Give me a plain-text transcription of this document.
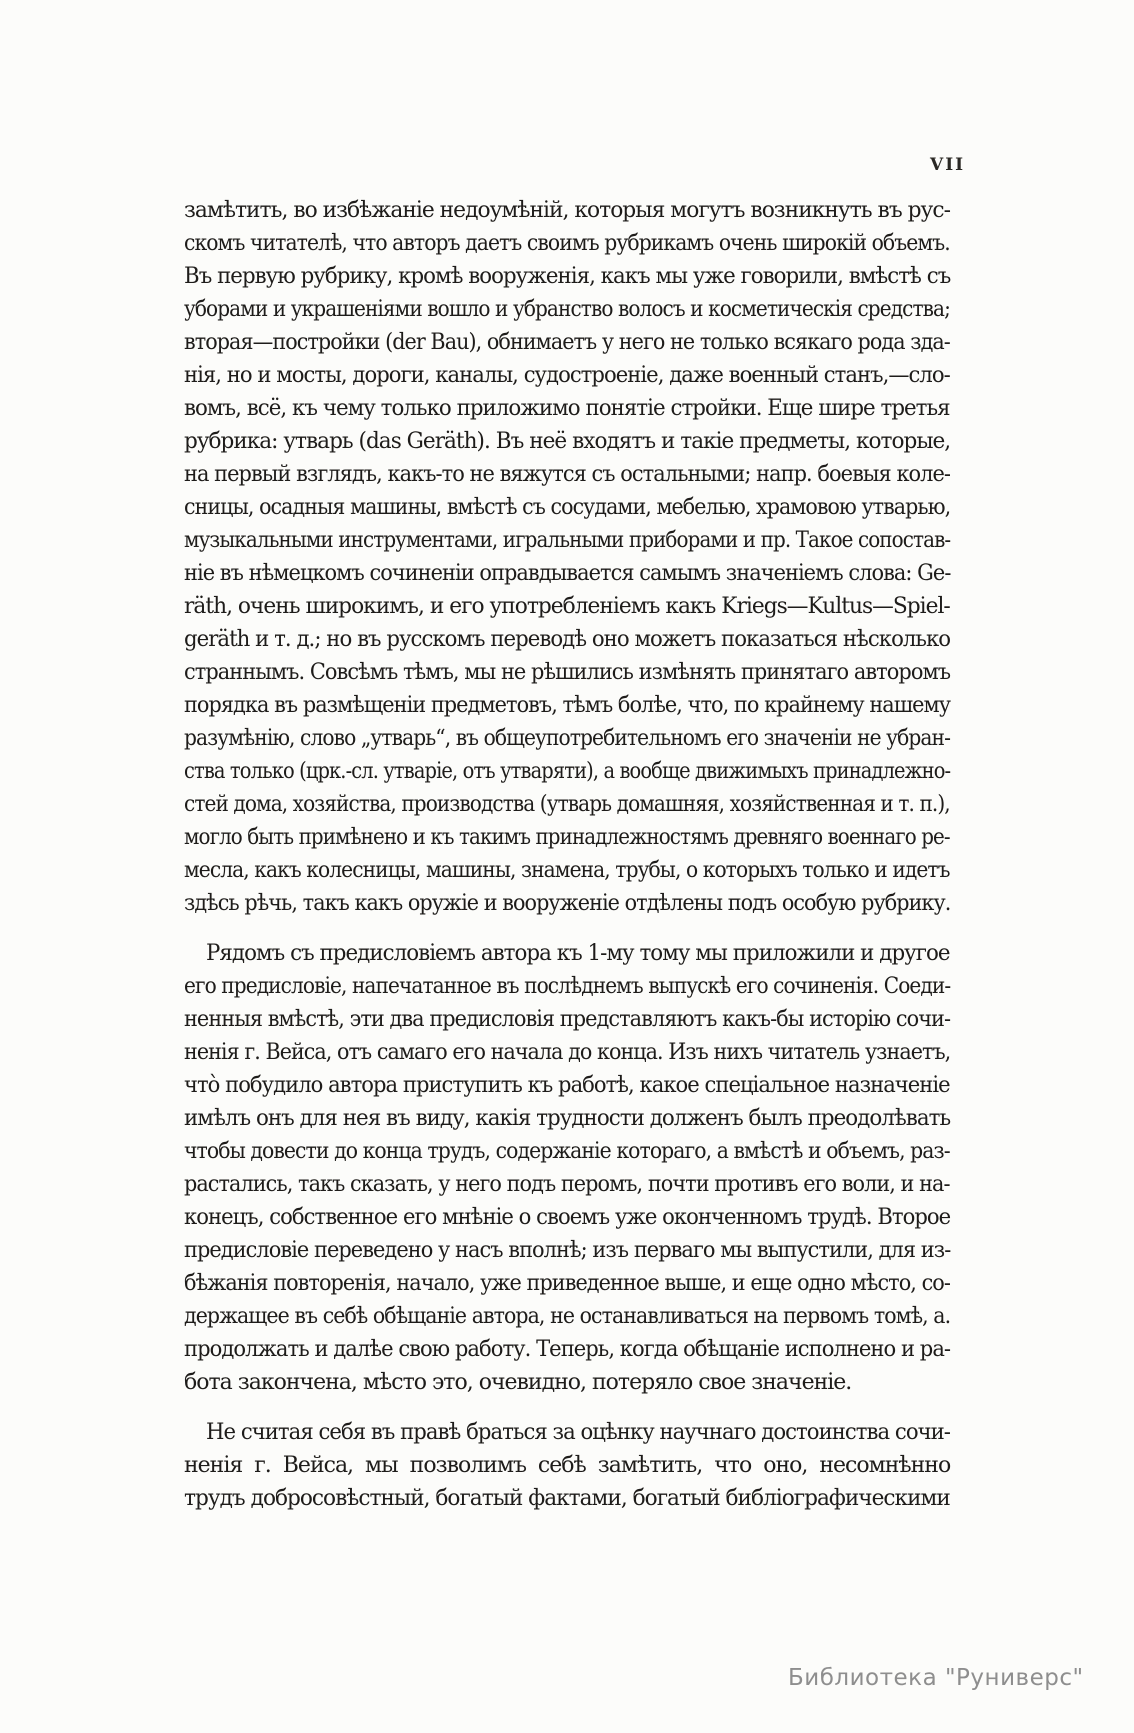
VII
замѣтить, во избѣжаніе недоумѣній, которыя могутъ возникнуть въ рус-
скомъ читателѣ, что авторъ даетъ своимъ рубрикамъ очень широкій объемъ.
Въ первую рубрику, кромѣ вооруженія, какъ мы уже говорили, вмѣстѣ съ
уборами и украшеніями вошло и убранство волосъ и косметическія средства;
вторая—постройки (der Bau), обнимаетъ у него не только всякаго рода зда-
нія, но и мосты, дороги, каналы, судостроеніе, даже военный станъ,—сло-
вомъ, всё, къ чему только приложимо понятіе стройки. Еще шире третья
рубрика: утварь (das Geräth). Въ неё входятъ и такіе предметы, которые,
на первый взглядъ, какъ-то не вяжутся съ остальными; напр. боевыя коле-
сницы, осадныя машины, вмѣстѣ съ сосудами, мебелью, храмовою утварью,
музыкальными инструментами, игральными приборами и пр. Такое сопостав-
ніе въ нѣмецкомъ сочиненіи оправдывается самымъ значеніемъ слова: Ge-
räth, очень широкимъ, и его употребленіемъ какъ Kriegs—Kultus—Spiel-
geräth и т. д.; но въ русскомъ переводѣ оно можетъ показаться нѣсколько
страннымъ. Совсѣмъ тѣмъ, мы не рѣшились измѣнять принятаго авторомъ
порядка въ размѣщеніи предметовъ, тѣмъ болѣе, что, по крайнему нашему
разумѣнію, слово „утварь“, въ общеупотребительномъ его значеніи не убран-
ства только (црк.-сл. утваріе, отъ утваряти), а вообще движимыхъ принадлежно-
стей дома, хозяйства, производства (утварь домашняя, хозяйственная и т. п.),
могло быть примѣнено и къ такимъ принадлежностямъ древняго военнаго ре-
месла, какъ колесницы, машины, знамена, трубы, о которыхъ только и идетъ
здѣсь рѣчь, такъ какъ оружіе и вооруженіе отдѣлены подъ особую рубрику.
Рядомъ съ предисловіемъ автора къ 1-му тому мы приложили и другое
его предисловіе, напечатанное въ послѣднемъ выпускѣ его сочиненія. Соеди-
ненныя вмѣстѣ, эти два предисловія представляютъ какъ-бы исторію сочи-
ненія г. Вейса, отъ самаго его начала до конца. Изъ нихъ читатель узнаетъ,
что̀ побудило автора приступить къ работѣ, какое спеціальное назначеніе
имѣлъ онъ для нея въ виду, какія трудности долженъ былъ преодолѣвать
чтобы довести до конца трудъ, содержаніе котораго, а вмѣстѣ и объемъ, раз-
растались, такъ сказать, у него подъ перомъ, почти противъ его воли, и на-
конецъ, собственное его мнѣніе о своемъ уже оконченномъ трудѣ. Второе
предисловіе переведено у насъ вполнѣ; изъ перваго мы выпустили, для из-
бѣжанія повторенія, начало, уже приведенное выше, и еще одно мѣсто, со-
держащее въ себѣ обѣщаніе автора, не останавливаться на первомъ томѣ, а.
продолжать и далѣе свою работу. Теперь, когда обѣщаніе исполнено и ра-
бота закончена, мѣсто это, очевидно, потеряло свое значеніе.
Не считая себя въ правѣ браться за оцѣнку научнаго достоинства сочи-
ненія г. Вейса, мы позволимъ себѣ замѣтить, что оно, несомнѣнно
трудъ добросовѣстный, богатый фактами, богатый библіографическими
Библиотека "Руниверс"
